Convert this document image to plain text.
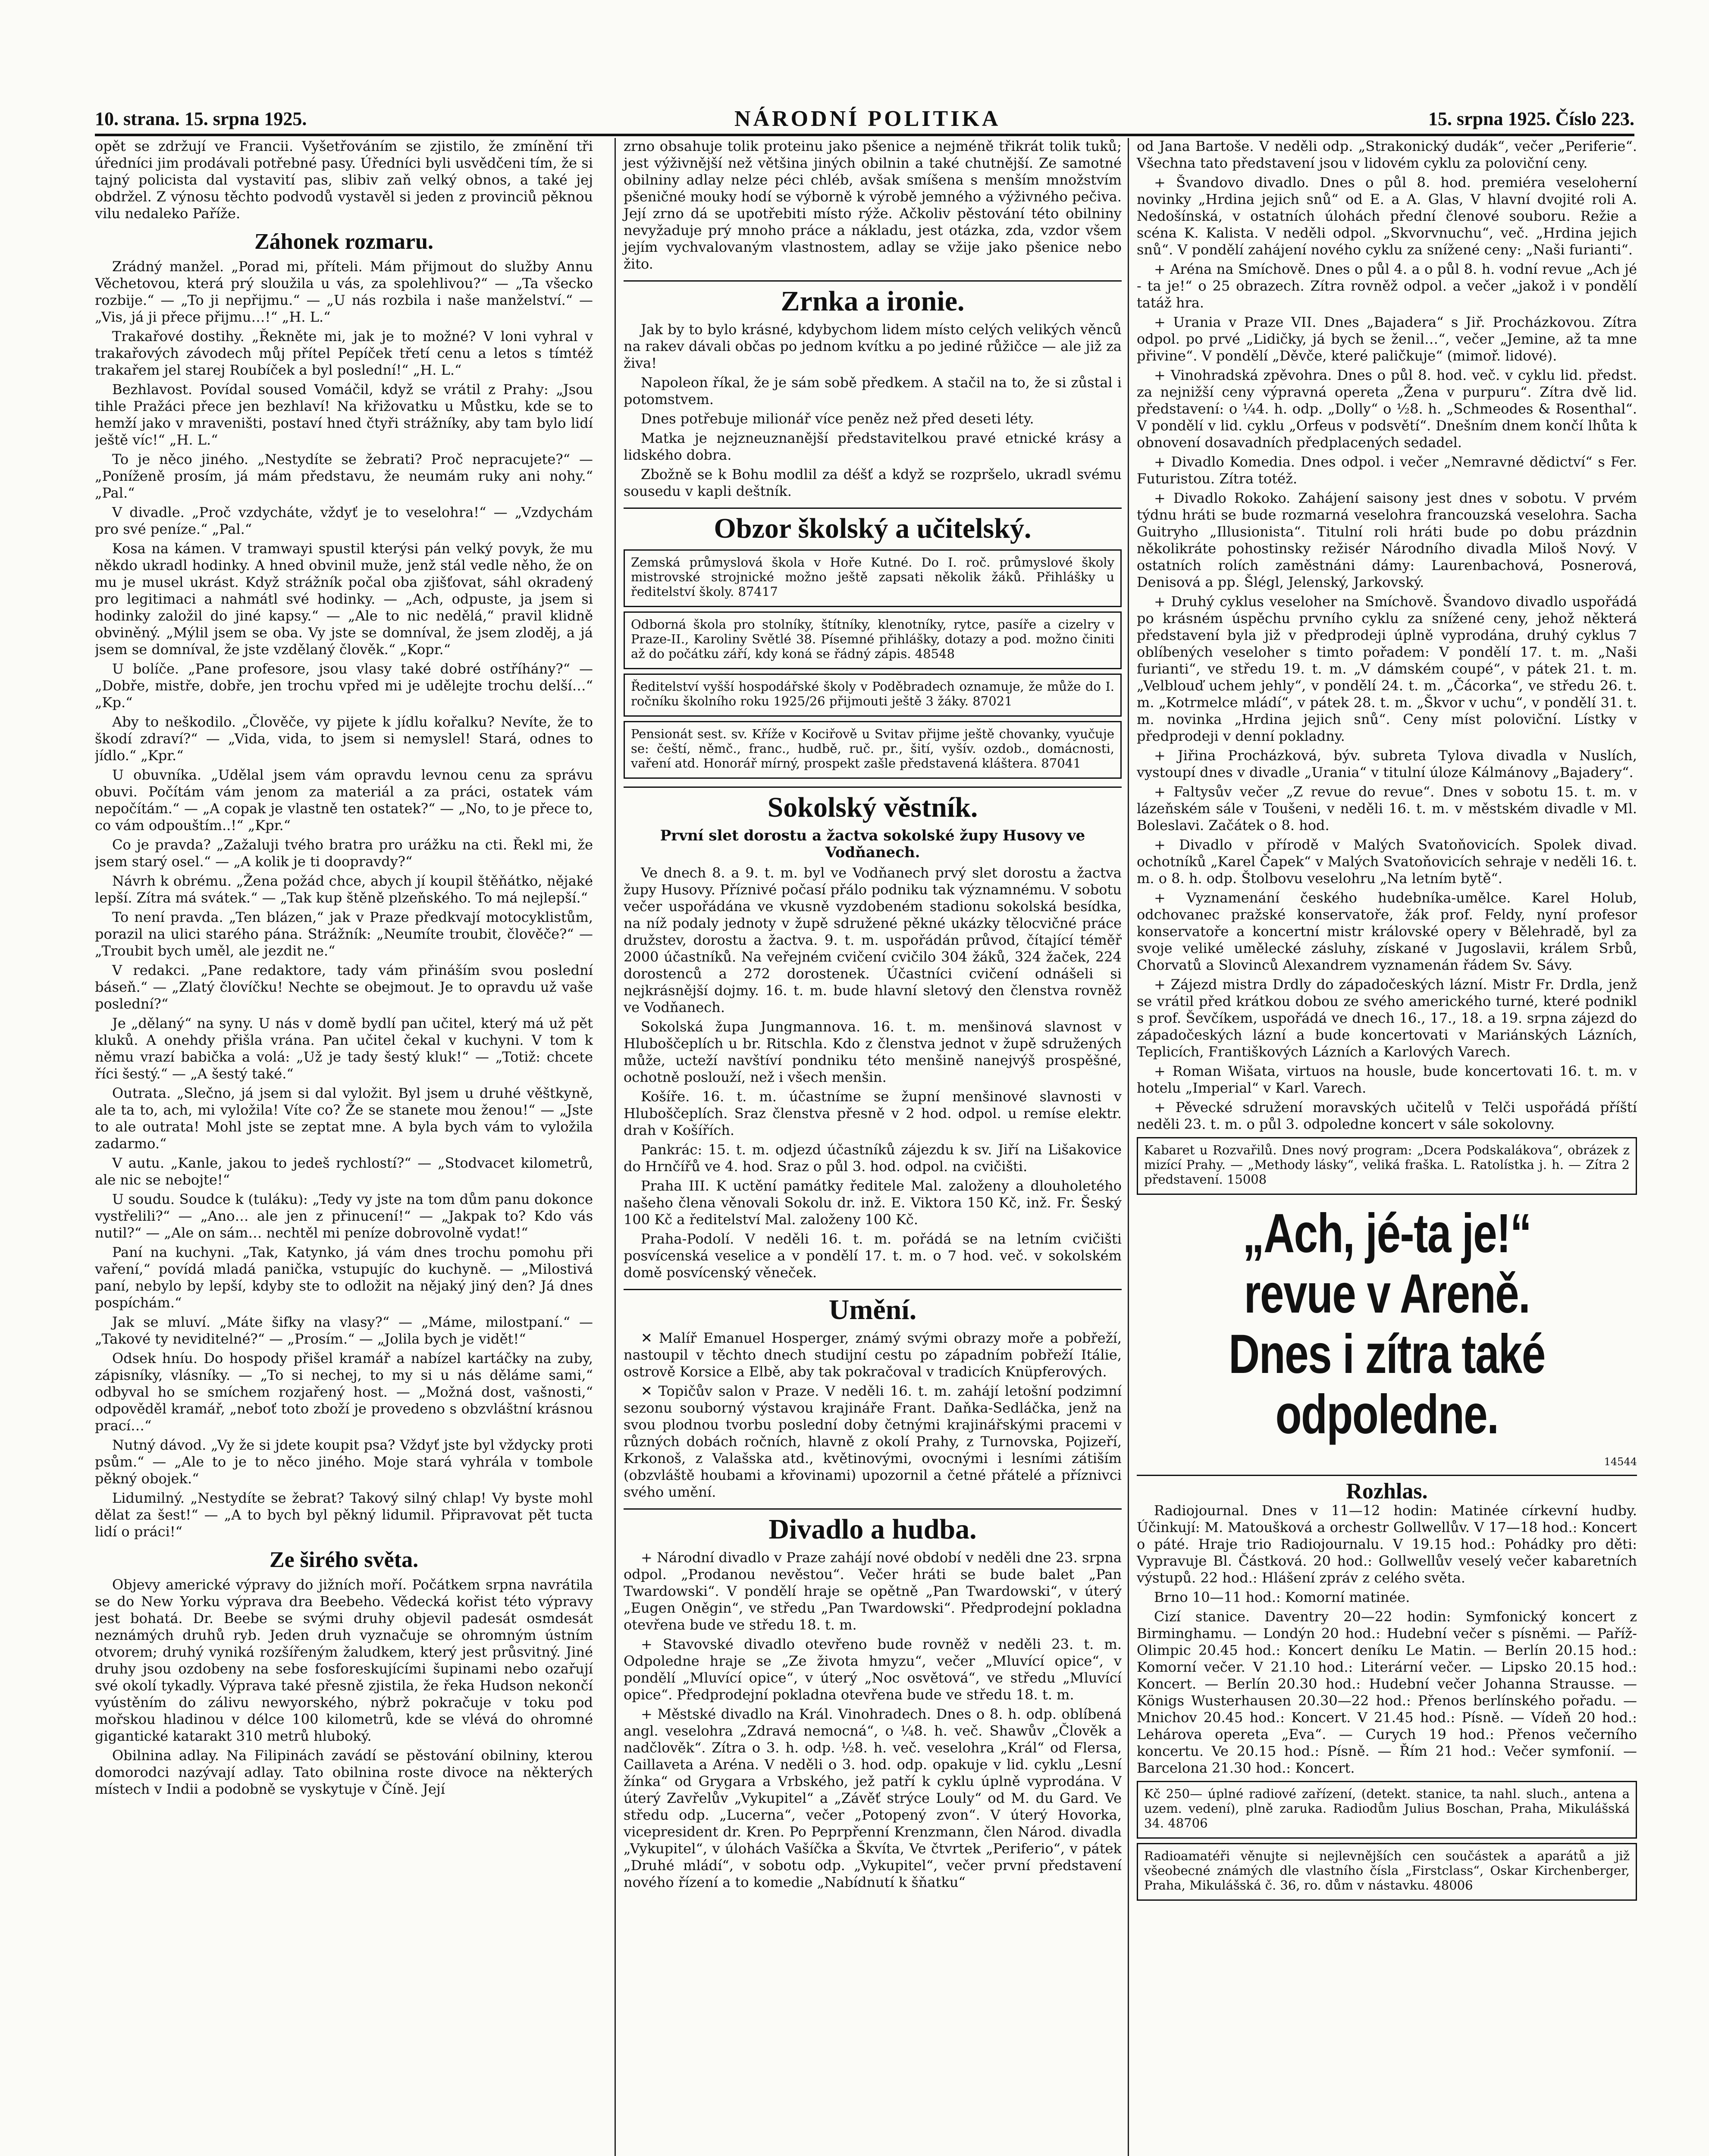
10. strana. 15. srpna 1925.	NÁRODNÍ POLITIKA	15. srpna 1925. Číslo 223.

opět se zdržují ve Francii. Vyšetřováním se zjistilo, že zmínění tři úředníci jim prodávali potřebné pasy. Úředníci byli usvědčeni tím, že si tajný policista dal vystavití pas, slibiv zaň velký obnos, a také jej obdržel. Z výnosu těchto podvodů vystavěl si jeden z provinciů pěknou vilu nedaleko Paříže.

Záhonek rozmaru.

Zrádný manžel. „Porad mi, příteli. Mám přijmout do služby Annu Věchetovou, která prý sloužila u vás, za spolehlivou?“ — „Ta všecko rozbije.“ — „To ji nepřijmu.“ — „U nás rozbila i naše manželství.“ — „Vis, já ji přece přijmu…!“ „H. L.“

Trakařové dostihy. „Řekněte mi, jak je to možné? V loni vyhral v trakařových závodech můj přítel Pepíček třetí cenu a letos s tímtéž trakařem jel starej Roubíček a byl poslední!“ „H. L.“

Bezhlavost. Povídal soused Vomáčil, když se vrátil z Prahy: „Jsou tihle Pražáci přece jen bezhlaví! Na křižovatku u Můstku, kde se to hemží jako v mraveništi, postaví hned čtyři strážníky, aby tam bylo lidí ještě víc!“ „H. L.“

To je něco jiného. „Nestydíte se žebrati? Proč nepracujete?“ — „Poníženě prosím, já mám představu, že neumám ruky ani nohy.“ „Pal.“

V divadle. „Proč vzdycháte, vždyť je to veselohra!“ — „Vzdychám pro své peníze.“ „Pal.“

Kosa na kámen. V tramwayi spustil kterýsi pán velký povyk, že mu někdo ukradl hodinky. A hned obvinil muže, jenž stál vedle něho, že on mu je musel ukrást. Když strážník počal oba zjišťovat, sáhl okradený pro legitimaci a nahmátl své hodinky. — „Ach, odpuste, ja jsem si hodinky založil do jiné kapsy.“ — „Ale to nic nedělá,“ pravil klidně obviněný. „Mýlil jsem se oba. Vy jste se domníval, že jsem zloděj, a já jsem se domníval, že jste vzdělaný člověk.“ „Kopr.“

U bolíče. „Pane profesore, jsou vlasy také dobré ostříhány?“ — „Dobře, mistře, dobře, jen trochu vpřed mi je udělejte trochu delší…“ „Kp.“

Aby to neškodilo. „Člověče, vy pijete k jídlu kořalku? Nevíte, že to škodí zdraví?“ — „Vida, vida, to jsem si nemyslel! Stará, odnes to jídlo.“ „Kpr.“

U obuvníka. „Udělal jsem vám opravdu levnou cenu za správu obuvi. Počítám vám jenom za materiál a za práci, ostatek vám nepočítám.“ — „A copak je vlastně ten ostatek?“ — „No, to je přece to, co vám odpouštím..!“ „Kpr.“

Co je pravda? „Zažaluji tvého bratra pro urážku na cti. Řekl mi, že jsem starý osel.“ — „A kolik je ti doopravdy?“

Návrh k obrému. „Žena požád chce, abych jí koupil štěňátko, nějaké lepší. Zítra má svátek.“ — „Tak kup štěně plzeňského. To má nejlepší.“

To není pravda. „Ten blázen,“ jak v Praze předkvají motocyklistům, porazil na ulici starého pána. Strážník: „Neumíte troubit, člověče?“ — „Troubit bych uměl, ale jezdit ne.“

V redakci. „Pane redaktore, tady vám přináším svou poslední báseň.“ — „Zlatý človíčku! Nechte se obejmout. Je to opravdu už vaše poslední?“

Je „dělaný“ na syny. U nás v domě bydlí pan učitel, který má už pět kluků. A onehdy přišla vrána. Pan učitel čekal v kuchyni. V tom k němu vrazí babička a volá: „Už je tady šestý kluk!“ — „Totiž: chcete říci šestý.“ — „A šestý také.“

Outrata. „Slečno, já jsem si dal vyložit. Byl jsem u druhé věštkyně, ale ta to, ach, mi vyložila! Víte co? Že se stanete mou ženou!“ — „Jste to ale outrata! Mohl jste se zeptat mne. A byla bych vám to vyložila zadarmo.“

V autu. „Kanle, jakou to jedeš rychlostí?“ — „Stodvacet kilometrů, ale nic se nebojte!“

U soudu. Soudce k (tuláku): „Tedy vy jste na tom dům panu dokonce vystřelili?“ — „Ano… ale jen z přinucení!“ — „Jakpak to? Kdo vás nutil?“ — „Ale on sám… nechtěl mi peníze dobrovolně vydat!“

Paní na kuchyni. „Tak, Katynko, já vám dnes trochu pomohu při vaření,“ povídá mladá panička, vstupujíc do kuchyně. — „Milostivá paní, nebylo by lepší, kdyby ste to odložit na nějaký jiný den? Já dnes pospíchám.“

Jak se mluví. „Máte šifky na vlasy?“ — „Máme, milostpaní.“ — „Takové ty neviditelné?“ — „Prosím.“ — „Jolila bych je vidět!“

Odsek hníu. Do hospody přišel kramář a nabízel kartáčky na zuby, zápisníky, vlásníky. — „To si nechej, to my si u nás děláme sami,“ odbyval ho se smíchem rozjařený host. — „Možná dost, vašnosti,“ odpověděl kramář, „neboť toto zboží je provedeno s obzvláštní krásnou prací…“

Nutný dávod. „Vy že si jdete koupit psa? Vždyť jste byl vždycky proti psům.“ — „Ale to je to něco jiného. Moje stará vyhrála v tombole pěkný obojek.“

Lidumilný. „Nestydíte se žebrat? Takový silný chlap! Vy byste mohl dělat za šest!“ — „A to bych byl pěkný lidumil. Připravovat pět tucta lidí o práci!“

Ze širého světa.

Objevy americké výpravy do jižních moří. Počátkem srpna navrátila se do New Yorku výprava dra Beebeho. Vědecká kořist této výpravy jest bohatá. Dr. Beebe se svými druhy objevil padesát osmdesát neznámých druhů ryb. Jeden druh vyznačuje se ohromným ústním otvorem; druhý vyniká rozšířeným žaludkem, který jest průsvitný. Jiné druhy jsou ozdobeny na sebe fosforeskujícími šupinami nebo ozařují své okolí tykadly. Výprava také přesně zjistila, že řeka Hudson nekončí vyústěním do zálivu newyorského, nýbrž pokračuje v toku pod mořskou hladinou v délce 100 kilometrů, kde se vlévá do ohromné gigantické katarakt 310 metrů hluboký.

Obilnina adlay. Na Filipinách zavádí se pěstování obilniny, kterou domorodci nazývají adlay. Tato obilnina roste divoce na některých místech v Indii a podobně se vyskytuje v Číně. Její

zrno obsahuje tolik proteinu jako pšenice a nejméně třikrát tolik tuků; jest výživnější než většina jiných obilnin a také chutnější. Ze samotné obilniny adlay nelze péci chléb, avšak smíšena s menším množstvím pšeničné mouky hodí se výborně k výrobě jemného a výživného pečiva. Její zrno dá se upotřebiti místo rýže. Ačkoliv pěstování této obilniny nevyžaduje prý mnoho práce a nákladu, jest otázka, zda, vzdor všem jejím vychvalovaným vlastnostem, adlay se vžije jako pšenice nebo žito.

Zrnka a ironie.

Jak by to bylo krásné, kdybychom lidem místo celých velikých věnců na rakev dávali občas po jednom kvítku a po jediné růžičce — ale již za živa!

Napoleon říkal, že je sám sobě předkem. A stačil na to, že si zůstal i potomstvem.

Dnes potřebuje milionář více peněz než před deseti léty.

Matka je nejzneuznanější představitelkou pravé etnické krásy a lidského dobra.

Zbožně se k Bohu modlil za déšť a když se rozpršelo, ukradl svému sousedu v kapli deštník.

Obzor školský a učitelský.

Zemská průmyslová škola v Hoře Kutné. Do I. roč. průmyslové školy mistrovské strojnické možno ještě zapsati několik žáků. Přihlášky u ředitelství školy. 87417

Odborná škola pro stolníky, štítníky, klenotníky, rytce, pasíře a cizelry v Praze-II., Karoliny Světlé 38. Písemné přihlášky, dotazy a pod. možno činiti až do počátku září, kdy koná se řádný zápis. 48548

Ředitelství vyšší hospodářské školy v Poděbradech oznamuje, že může do I. ročníku školního roku 1925/26 přijmouti ještě 3 žáky. 87021

Pensionát sest. sv. Kříže v Kociřově u Svitav přijme ještě chovanky, vyučuje se: čeští, němč., franc., hudbě, ruč. pr., šití, vyšív. ozdob., domácnosti, vaření atd. Honorář mírný, prospekt zašle představená kláštera. 87041

Sokolský věstník.
První slet dorostu a žactva sokolské župy Husovy ve Vodňanech.

Ve dnech 8. a 9. t. m. byl ve Vodňanech prvý slet dorostu a žactva župy Husovy. Příznivé počasí přálo podniku tak významnému. V sobotu večer uspořádána ve vkusně vyzdobeném stadionu sokolská besídka, na níž podaly jednoty v župě sdružené pěkné ukázky tělocvičné práce družstev, dorostu a žactva. 9. t. m. uspořádán průvod, čítající téměř 2000 účastníků. Na veřejném cvičení cvičilo 304 žáků, 324 žaček, 224 dorostenců a 272 dorostenek. Účastníci cvičení odnášeli si nejkrásnější dojmy. 16. t. m. bude hlavní sletový den členstva rovněž ve Vodňanech.

Sokolská župa Jungmannova. 16. t. m. menšinová slavnost v Hluboščeplích u br. Ritschla. Kdo z členstva jednot v župě sdružených může, ucteží navštíví pondniku této menšině nanejvýš prospěšné, ochotně poslouží, než i všech menšin.

Košíře. 16. t. m. účastníme se župní menšinové slavnosti v Hluboščeplích. Sraz členstva přesně v 2 hod. odpol. u remíse elektr. drah v Košířích.

Pankrác: 15. t. m. odjezd účastníků zájezdu k sv. Jiří na Lišakovice do Hrnčířů ve 4. hod. Sraz o půl 3. hod. odpol. na cvičišti.

Praha III. K uctění památky ředitele Mal. založeny a dlouholetého našeho člena věnovali Sokolu dr. inž. E. Viktora 150 Kč, inž. Fr. Šeský 100 Kč a ředitelství Mal. založeny 100 Kč.

Praha-Podolí. V neděli 16. t. m. pořádá se na letním cvičišti posvícenská veselice a v pondělí 17. t. m. o 7 hod. več. v sokolském domě posvícenský věneček.

Umění.

✕ Malíř Emanuel Hosperger, známý svými obrazy moře a pobřeží, nastoupil v těchto dnech studijní cestu po západním pobřeží Itálie, ostrově Korsice a Elbě, aby tak pokračoval v tradicích Knüpferových.

✕ Topičův salon v Praze. V neděli 16. t. m. zahájí letošní podzimní sezonu souborný výstavou krajináře Frant. Daňka-Sedláčka, jenž na svou plodnou tvorbu poslední doby četnými krajinářskými pracemi v různých dobách ročních, hlavně z okolí Prahy, z Turnovska, Pojizeří, Krkonoš, z Valašska atd., květinovými, ovocnými i lesními zátiším (obzvláště houbami a křovinami) upozornil a četné přátelé a příznivci svého umění.

Divadlo a hudba.

+ Národní divadlo v Praze zahájí nové období v neděli dne 23. srpna odpol. „Prodanou nevěstou“. Večer hráti se bude balet „Pan Twardowski“. V pondělí hraje se opětně „Pan Twardowski“, v úterý „Eugen Oněgin“, ve středu „Pan Twardowski“. Předprodejní pokladna otevřena bude ve středu 18. t. m.

+ Stavovské divadlo otevřeno bude rovněž v neděli 23. t. m. Odpoledne hraje se „Ze života hmyzu“, večer „Mluvící opice“, v pondělí „Mluvící opice“, v úterý „Noc osvětová“, ve středu „Mluvící opice“. Předprodejní pokladna otevřena bude ve středu 18. t. m.

+ Městské divadlo na Král. Vinohradech. Dnes o 8. h. odp. oblíbená angl. veselohra „Zdravá nemocná“, o ¼8. h. več. Shawův „Člověk a nadčlověk“. Zítra o 3. h. odp. ½8. h. več. veselohra „Král“ od Flersa, Caillaveta a Aréna. V neděli o 3. hod. odp. opakuje v lid. cyklu „Lesní žínka“ od Grygara a Vrbského, jež patří k cyklu úplně vyprodána. V úterý Zavřelův „Vykupitel“ a „Závěť strýce Louly“ od M. du Gard. Ve středu odp. „Lucerna“, večer „Potopený zvon“. V úterý Hovorka, vicepresident dr. Kren. Po Peprpřenní Krenzmann, člen Národ. divadla „Vykupitel“, v úlohách Vašíčka a Škvíta, Ve čtvrtek „Periferio“, v pátek „Druhé mládí“, v sobotu odp. „Vykupitel“, večer první představení nového řízení a to komedie „Nabídnutí k šňatku“

od Jana Bartoše. V neděli odp. „Strakonický dudák“, večer „Periferie“. Všechna tato představení jsou v lidovém cyklu za poloviční ceny.

+ Švandovo divadlo. Dnes o půl 8. hod. premiéra veseloherní novinky „Hrdina jejich snů“ od E. a A. Glas, V hlavní dvojité roli A. Nedošínská, v ostatních úlohách přední členové souboru. Režie a scéna K. Kalista. V neděli odpol. „Skvorvnuchu“, več. „Hrdina jejich snů“. V pondělí zahájení nového cyklu za snížené ceny: „Naši furianti“.

+ Aréna na Smíchově. Dnes o půl 4. a o půl 8. h. vodní revue „Ach jé - ta je!“ o 25 obrazech. Zítra rovněž odpol. a večer „jakož i v pondělí tatáž hra.

+ Urania v Praze VII. Dnes „Bajadera“ s Jiř. Procházkovou. Zítra odpol. po prvé „Lidičky, já bych se ženil…“, večer „Jemine, až ta mne přivine“. V pondělí „Děvče, které paličkuje“ (mimoř. lidové).

+ Vinohradská zpěvohra. Dnes o půl 8. hod. več. v cyklu lid. předst. za nejnižší ceny výpravná opereta „Žena v purpuru“. Zítra dvě lid. představení: o ¼4. h. odp. „Dolly“ o ½8. h. „Schmeodes & Rosenthal“. V pondělí v lid. cyklu „Orfeus v podsvětí“. Dnešním dnem končí lhůta k obnovení dosavadních předplacených sedadel.

+ Divadlo Komedia. Dnes odpol. i večer „Nemravné dědictví“ s Fer. Futuristou. Zítra totéž.

+ Divadlo Rokoko. Zahájení saisony jest dnes v sobotu. V prvém týdnu hráti se bude rozmarná veselohra francouzská veselohra. Sacha Guitryho „Illusionista“. Titulní roli hráti bude po dobu prázdnin několikráte pohostinsky režisér Národního divadla Miloš Nový. V ostatních rolích zaměstnáni dámy: Laurenbachová, Posnerová, Denisová a pp. Šlégl, Jelenský, Jarkovský.

+ Druhý cyklus veseloher na Smíchově. Švandovo divadlo uspořádá po krásném úspěchu prvního cyklu za snížené ceny, jehož některá představení byla již v předprodeji úplně vyprodána, druhý cyklus 7 oblíbených veseloher s timto pořadem: V pondělí 17. t. m. „Naši furianti“, ve středu 19. t. m. „V dámském coupé“, v pátek 21. t. m. „Velblouď uchem jehly“, v pondělí 24. t. m. „Čácorka“, ve středu 26. t. m. „Kotrmelce mládí“, v pátek 28. t. m. „Škvor v uchu“, v pondělí 31. t. m. novinka „Hrdina jejich snů“. Ceny míst poloviční. Lístky v předprodeji v denní pokladny.

+ Jiřina Procházková, býv. subreta Tylova divadla v Nuslích, vystoupí dnes v divadle „Urania“ v titulní úloze Kálmánovy „Bajadery“.

+ Faltysův večer „Z revue do revue“. Dnes v sobotu 15. t. m. v lázeňském sále v Toušeni, v neděli 16. t. m. v městském divadle v Ml. Boleslavi. Začátek o 8. hod.

+ Divadlo v přírodě v Malých Svatoňovicích. Spolek divad. ochotníků „Karel Čapek“ v Malých Svatoňovicích sehraje v neděli 16. t. m. o 8. h. odp. Štolbovu veselohru „Na letním bytě“.

+ Vyznamenání českého hudebníka-umělce. Karel Holub, odchovanec pražské konservatoře, žák prof. Feldy, nyní profesor konservatoře a koncertní mistr královské opery v Bělehradě, byl za svoje veliké umělecké zásluhy, získané v Jugoslavii, králem Srbů, Chorvatů a Slovinců Alexandrem vyznamenán řádem Sv. Sávy.

+ Zájezd mistra Drdly do západočeských lázní. Mistr Fr. Drdla, jenž se vrátil před krátkou dobou ze svého amerického turné, které podnikl s prof. Ševčíkem, uspořádá ve dnech 16., 17., 18. a 19. srpna zájezd do západočeských lázní a bude koncertovati v Mariánských Lázních, Teplicích, Františkových Lázních a Karlových Varech.

+ Roman Wišata, virtuos na housle, bude koncertovati 16. t. m. v hotelu „Imperial“ v Karl. Varech.

+ Pěvecké sdružení moravských učitelů v Telči uspořádá příští neděli 23. t. m. o půl 3. odpoledne koncert v sále sokolovny.

Kabaret u Rozvařilů. Dnes nový program: „Dcera Podskalákova“, obrázek z mizící Prahy. — „Methody lásky“, veliká fraška. L. Ratolístka j. h. — Zítra 2 představení. 15008

„Ach, jé-ta je!“ revue v Areně. Dnes i zítra také odpoledne.
14544
Rozhlas.

Radiojournal. Dnes v 11—12 hodin: Matinée církevní hudby. Účinkují: M. Matoušková a orchestr Gollwellův. V 17—18 hod.: Koncert o páté. Hraje trio Radiojournalu. V 19.15 hod.: Pohádky pro děti: Vypravuje Bl. Částková. 20 hod.: Gollwellův veselý večer kabaretních výstupů. 22 hod.: Hlášení zpráv z celého světa.

Brno 10—11 hod.: Komorní matinée.

Cizí stanice. Daventry 20—22 hodin: Symfonický koncert z Birminghamu. — Londýn 20 hod.: Hudební večer s písněmi. — Paříž-Olimpic 20.45 hod.: Koncert deníku Le Matin. — Berlín 20.15 hod.: Komorní večer. V 21.10 hod.: Literární večer. — Lipsko 20.15 hod.: Koncert. — Berlín 20.30 hod.: Hudební večer Johanna Strausse. — Königs Wusterhausen 20.30—22 hod.: Přenos berlínského pořadu. — Mnichov 20.45 hod.: Koncert. V 21.45 hod.: Písně. — Vídeň 20 hod.: Lehárova opereta „Eva“. — Curych 19 hod.: Přenos večerního koncertu. Ve 20.15 hod.: Písně. — Řím 21 hod.: Večer symfonií. — Barcelona 21.30 hod.: Koncert.

Kč 250— úplné radiové zařízení, (detekt. stanice, ta nahl. sluch., antena a uzem. vedení), plně zaruka. Radiodům Julius Boschan, Praha, Mikulášská 34. 48706

Radioamatéři věnujte si nejlevnějších cen součástek a aparátů a již všeobecné známých dle vlastního čísla „Firstclass“, Oskar Kirchenberger, Praha, Mikulášská č. 36, ro. dům v nástavku. 48006
